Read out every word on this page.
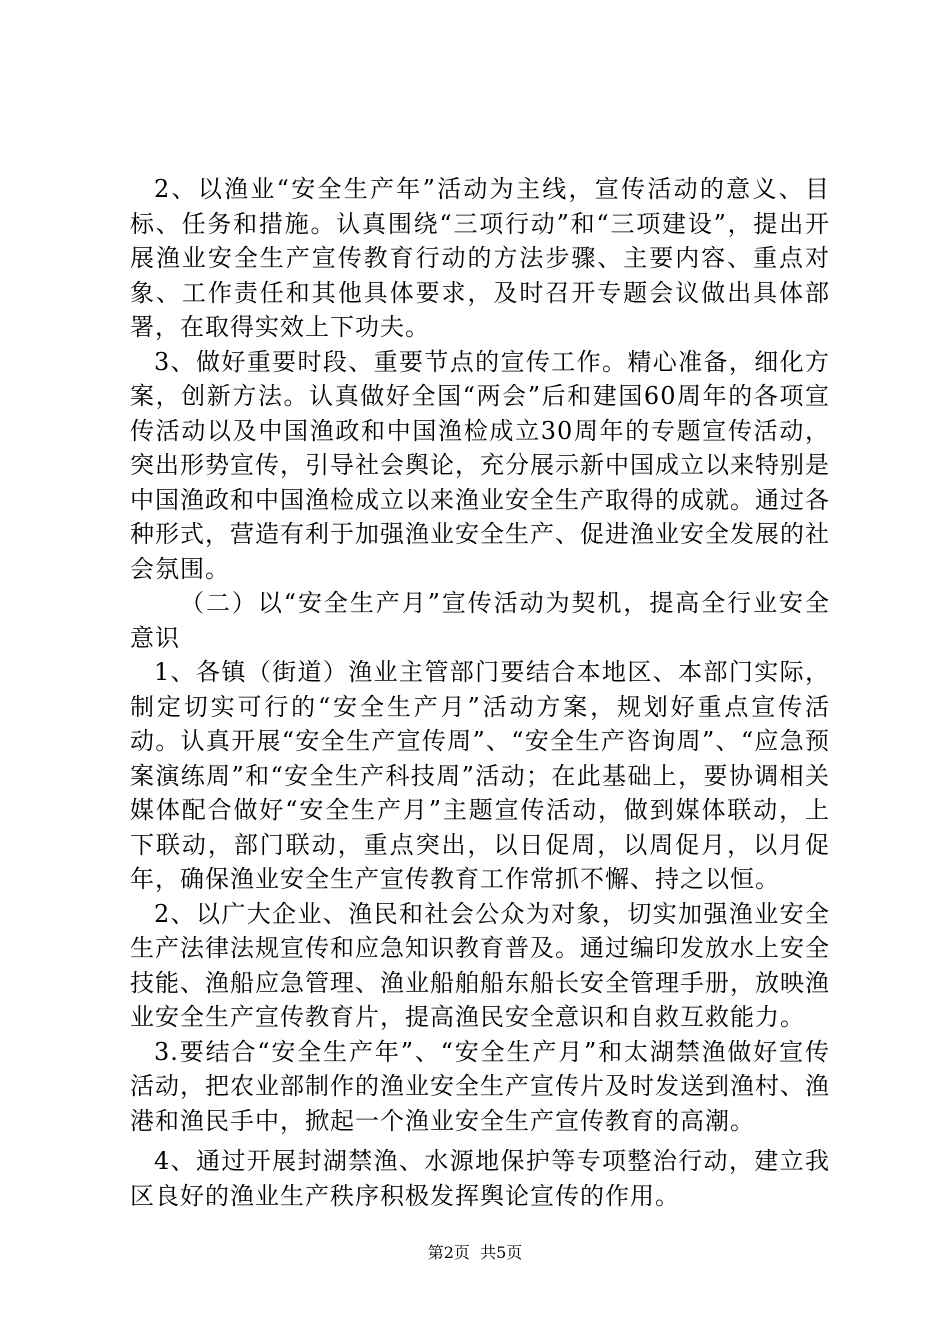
2、以渔业“安全生产年”活动为主线，宣传活动的意义、目标、任务和措施。认真围绕“三项行动”和“三项建设”，提出开展渔业安全生产宣传教育行动的方法步骤、主要内容、重点对象、工作责任和其他具体要求，及时召开专题会议做出具体部署，在取得实效上下功夫。

3、做好重要时段、重要节点的宣传工作。精心准备，细化方案，创新方法。认真做好全国“两会”后和建国60周年的各项宣传活动以及中国渔政和中国渔检成立30周年的专题宣传活动，突出形势宣传，引导社会舆论，充分展示新中国成立以来特别是中国渔政和中国渔检成立以来渔业安全生产取得的成就。通过各种形式，营造有利于加强渔业安全生产、促进渔业安全发展的社会氛围。

（二）以“安全生产月”宣传活动为契机，提高全行业安全意识

1、各镇（街道）渔业主管部门要结合本地区、本部门实际，制定切实可行的“安全生产月”活动方案，规划好重点宣传活动。认真开展“安全生产宣传周”、“安全生产咨询周”、“应急预案演练周”和“安全生产科技周”活动；在此基础上，要协调相关媒体配合做好“安全生产月”主题宣传活动，做到媒体联动，上下联动，部门联动，重点突出，以日促周，以周促月，以月促年，确保渔业安全生产宣传教育工作常抓不懈、持之以恒。

2、以广大企业、渔民和社会公众为对象，切实加强渔业安全生产法律法规宣传和应急知识教育普及。通过编印发放水上安全技能、渔船应急管理、渔业船舶船东船长安全管理手册，放映渔业安全生产宣传教育片，提高渔民安全意识和自救互救能力。

3.要结合“安全生产年”、“安全生产月”和太湖禁渔做好宣传活动，把农业部制作的渔业安全生产宣传片及时发送到渔村、渔港和渔民手中，掀起一个渔业安全生产宣传教育的高潮。

4、通过开展封湖禁渔、水源地保护等专项整治行动，建立我区良好的渔业生产秩序积极发挥舆论宣传的作用。

第2页 共5页
